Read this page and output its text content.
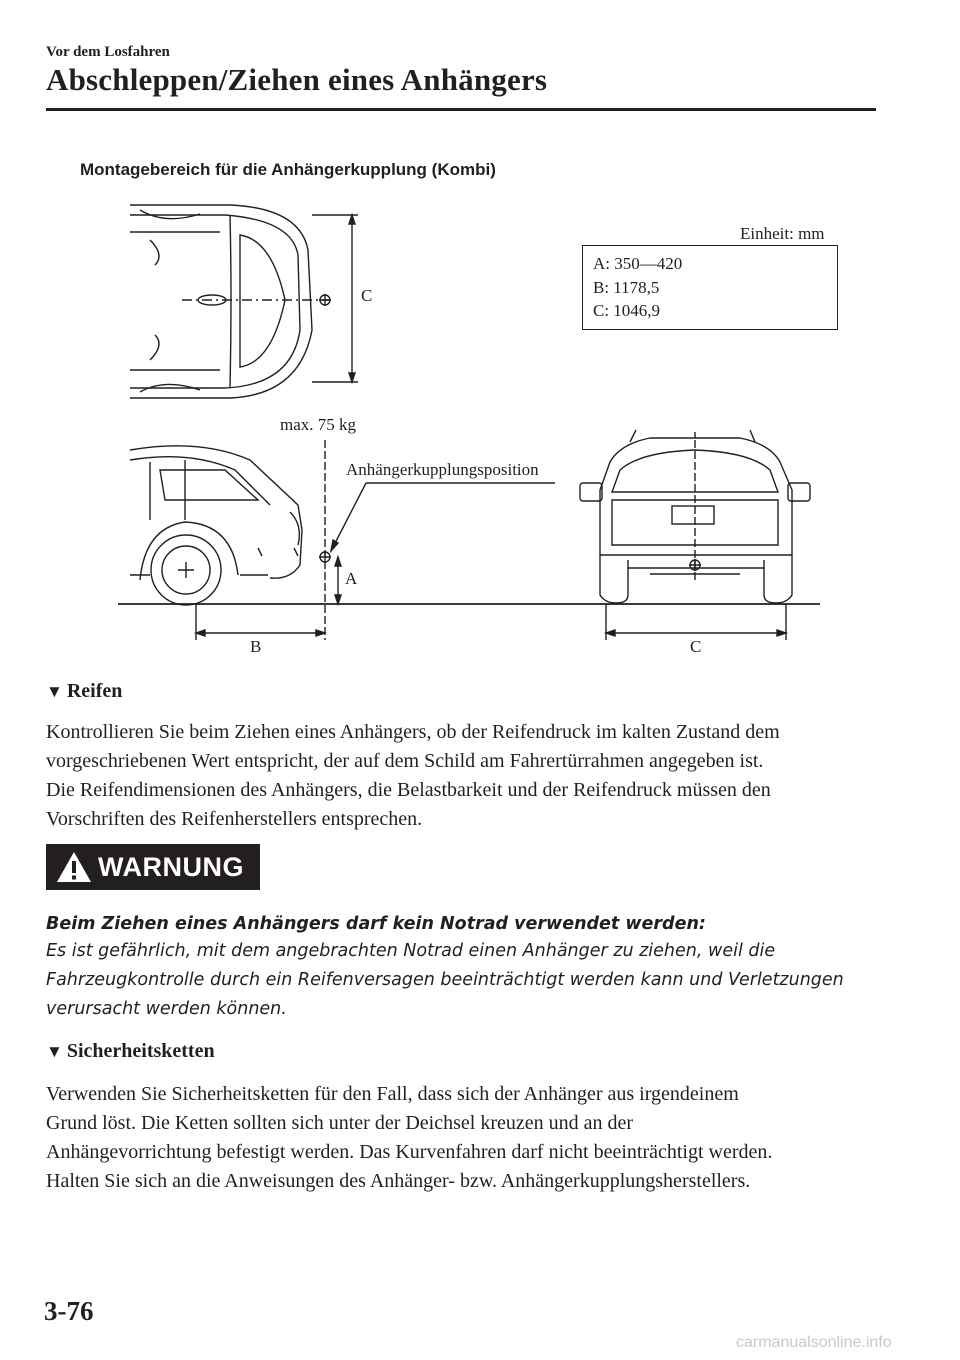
Vor dem Losfahren
Abschleppen/Ziehen eines Anhängers
Montagebereich für die Anhängerkupplung (Kombi)
Einheit: mm
A: 350—420
B: 1178,5
C: 1046,9
C
max. 75 kg
Anhängerkupplungsposition
A
B	C
▼ Reifen
Kontrollieren Sie beim Ziehen eines Anhängers, ob der Reifendruck im kalten Zustand dem
vorgeschriebenen Wert entspricht, der auf dem Schild am Fahrertürrahmen angegeben ist.
Die Reifendimensionen des Anhängers, die Belastbarkeit und der Reifendruck müssen den
Vorschriften des Reifenherstellers entsprechen.
WARNUNG
Beim Ziehen eines Anhängers darf kein Notrad verwendet werden:
Es ist gefährlich, mit dem angebrachten Notrad einen Anhänger zu ziehen, weil die
Fahrzeugkontrolle durch ein Reifenversagen beeinträchtigt werden kann und Verletzungen
verursacht werden können.
▼ Sicherheitsketten
Verwenden Sie Sicherheitsketten für den Fall, dass sich der Anhänger aus irgendeinem
Grund löst. Die Ketten sollten sich unter der Deichsel kreuzen und an der
Anhängevorrichtung befestigt werden. Das Kurvenfahren darf nicht beeinträchtigt werden.
Halten Sie sich an die Anweisungen des Anhänger- bzw. Anhängerkupplungsherstellers.
3-76
carmanualsonline.info
